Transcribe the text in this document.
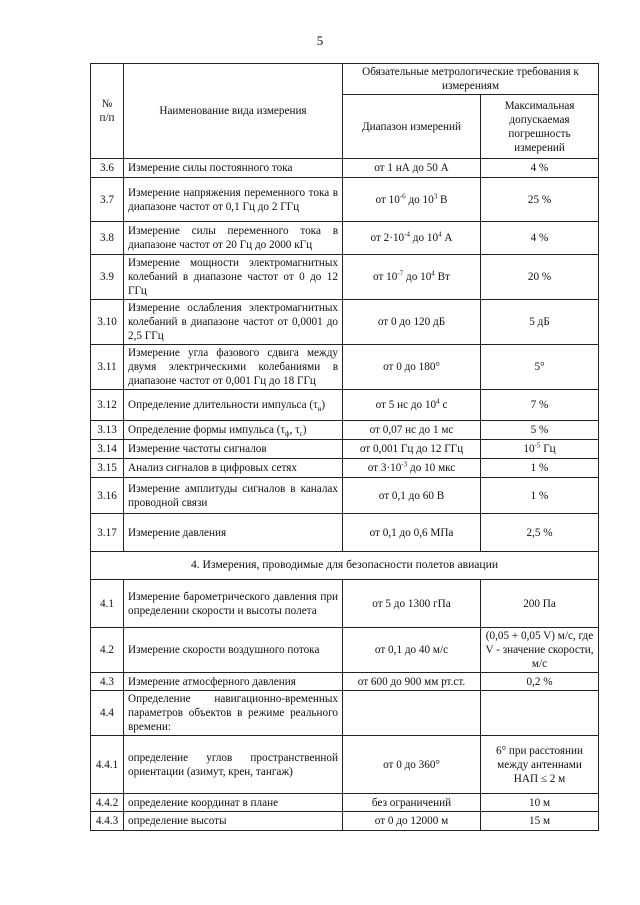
5
№
п/п	Наименование вида измерения	Обязательные метрологические требования к измерениям	
		Диапазон измерений	Максимальная допускаемая погрешность измерений
3.6	Измерение силы постоянного тока	от 1 нА до 50 А	4 %
3.7	Измерение напряжения переменного тока в диапазоне частот от 0,1 Гц до 2 ГГц	от $10^{-6}$ до $10^3$ В	25 %
3.8	Измерение силы переменного тока в диапазоне частот от 20 Гц до 2000 кГц	от $2\cdot 10^{-4}$ до $10^4$ А	4 %
3.9	Измерение мощности электромагнитных колебаний в диапазоне частот от 0 до 12 ГГц	от $10^{-7}$ до $10^4$ Вт	20 %
3.10	Измерение ослабления электромагнитных колебаний в диапазоне частот от 0,0001 до 2,5 ГГц	от 0 до 120 дБ	5 дБ
3.11	Измерение угла фазового сдвига между двумя электрическими колебаниями в диапазоне частот от 0,001 Гц до 18 ГГц	от 0 до 180°	5°
3.12	Определение длительности импульса $(\tau_и)$	от 5 нс до $10^4$ с	7 %
3.13	Определение формы импульса ($\tau_ф$, $\tau_с$)	от 0,07 нс до 1 мс	5 %
3.14	Измерение частоты сигналов	от 0,001 Гц до 12 ГГц	$10^{-5}$ Гц
3.15	Анализ сигналов в цифровых сетях	от $3\cdot 10^{-3}$ до 10 мкс	1 %
3.16	Измерение амплитуды сигналов в каналах проводной связи	от 0,1 до 60 В	1 %
3.17	Измерение давления	от 0,1 до 0,6 МПа	2,5 %
4. Измерения, проводимые для безопасности полетов авиации			
4.1	Измерение барометрического давления при определении скорости и высоты полета	от 5 до 1300 гПа	200 Па
4.2	Измерение скорости воздушного потока	от 0,1 до 40 м/с	(0,05 + 0,05 V) м/с, где V - значение скорости, м/с
4.3	Измерение атмосферного давления	от 600 до 900 мм рт.ст.	0,2 %
4.4	Определение навигационно-временных параметров объектов в режиме реального времени:		
4.4.1	определение углов пространственной ориентации (азимут, крен, тангаж)	от 0 до 360°	6° при расстоянии между антеннами НАП ≤ 2 м
4.4.2	определение координат в плане	без ограничений	10 м
4.4.3	определение высоты	от 0 до 12000 м	15 м
